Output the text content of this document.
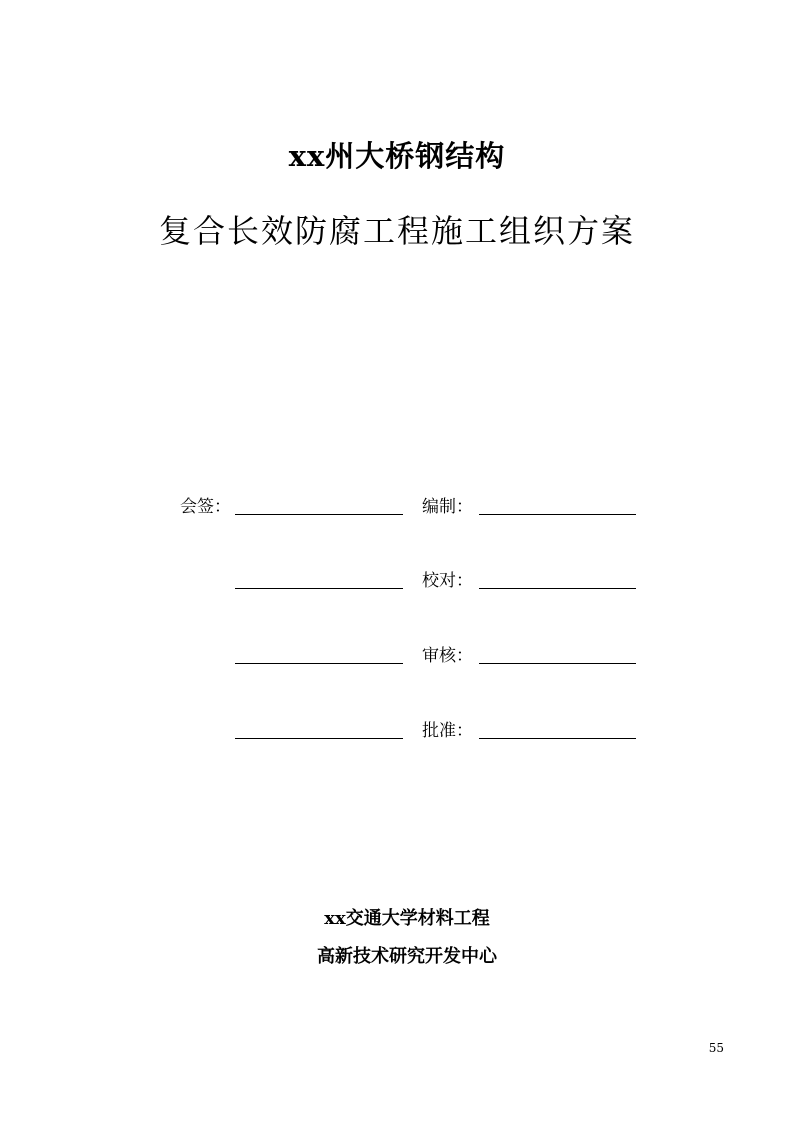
xx州大桥钢结构
复合长效防腐工程施工组织方案
会签：	编制：
校对：
审核：
批准：
xx交通大学材料工程
高新技术研究开发中心
55
